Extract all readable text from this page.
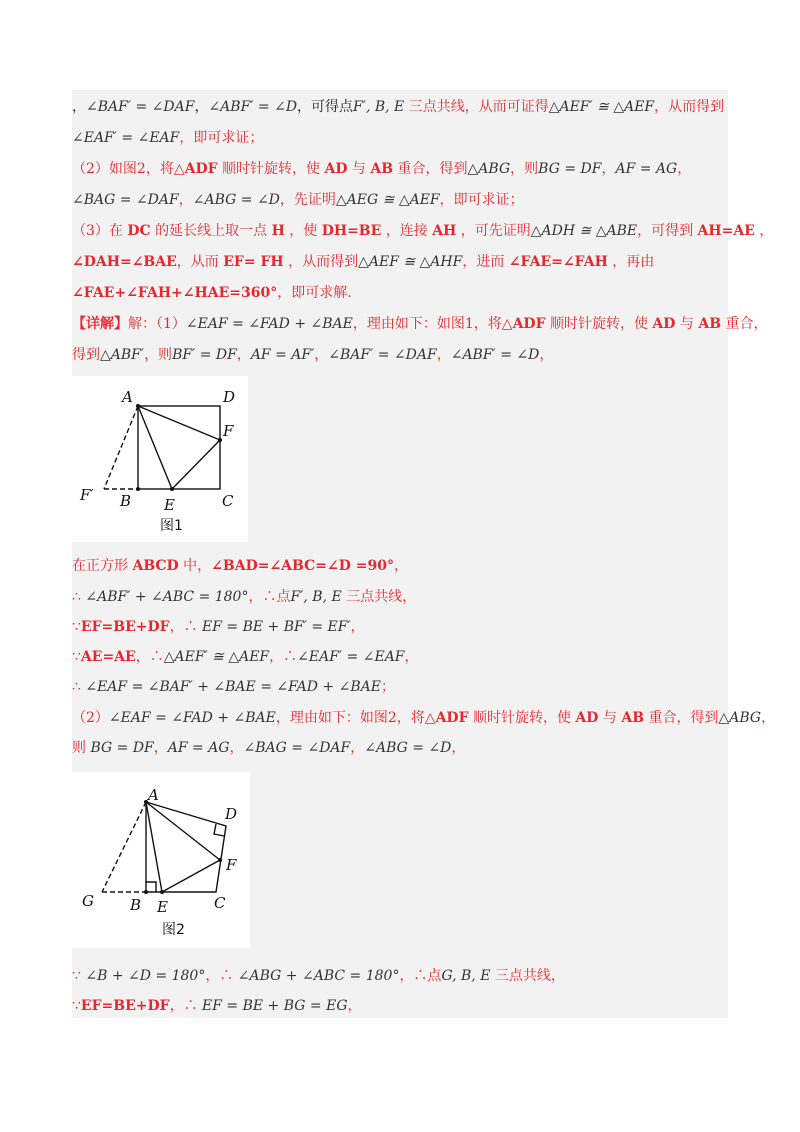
，∠BAF′ = ∠DAF，∠ABF′ = ∠D，可得点F′, B, E 三点共线，从而可证得△AEF′ ≅ △AEF，从而得到
∠EAF′ = ∠EAF，即可求证；
（2）如图2，将△ADF 顺时针旋转，使 AD 与 AB 重合，得到△ABG，则BG = DF，AF = AG，
∠BAG = ∠DAF，∠ABG = ∠D，先证明△AEG ≅ △AEF，即可求证；
（3）在 DC 的延长线上取一点 H ，使 DH=BE ，连接 AH ，可先证明△ADH ≅ △ABE，可得到 AH=AE ，
∠DAH=∠BAE，从而 EF= FH ，从而得到△AEF ≅ △AHF，进而 ∠FAE=∠FAH ，再由
∠FAE+∠FAH+∠HAE=360°，即可求解.
【详解】解：（1）∠EAF = ∠FAD + ∠BAE，理由如下：如图1，将△ADF 顺时针旋转，使 AD 与 AB 重合，
得到△ABF′，则BF′ = DF，AF = AF′，∠BAF′ = ∠DAF，∠ABF′ = ∠D，
A	D
F
F′ B E	C
图1
在正方形 ABCD 中，∠BAD=∠ABC=∠D =90°，
∴ ∠ABF′ + ∠ABC = 180°，∴点F′, B, E 三点共线，
∵EF=BE+DF，∴ EF = BE + BF′ = EF′，
∵AE=AE，∴△AEF′ ≅ △AEF，∴∠EAF′ = ∠EAF，
∴ ∠EAF = ∠BAF′ + ∠BAE = ∠FAD + ∠BAE；
（2）∠EAF = ∠FAD + ∠BAE，理由如下：如图2，将△ADF 顺时针旋转，使 AD 与 AB 重合，得到△ABG，
则 BG = DF，AF = AG，∠BAG = ∠DAF，∠ABG = ∠D，
A
D
F
G B E	C
图2
∵ ∠B + ∠D = 180°，∴ ∠ABG + ∠ABC = 180°，∴点G, B, E 三点共线，
∵EF=BE+DF，∴ EF = BE + BG = EG，
